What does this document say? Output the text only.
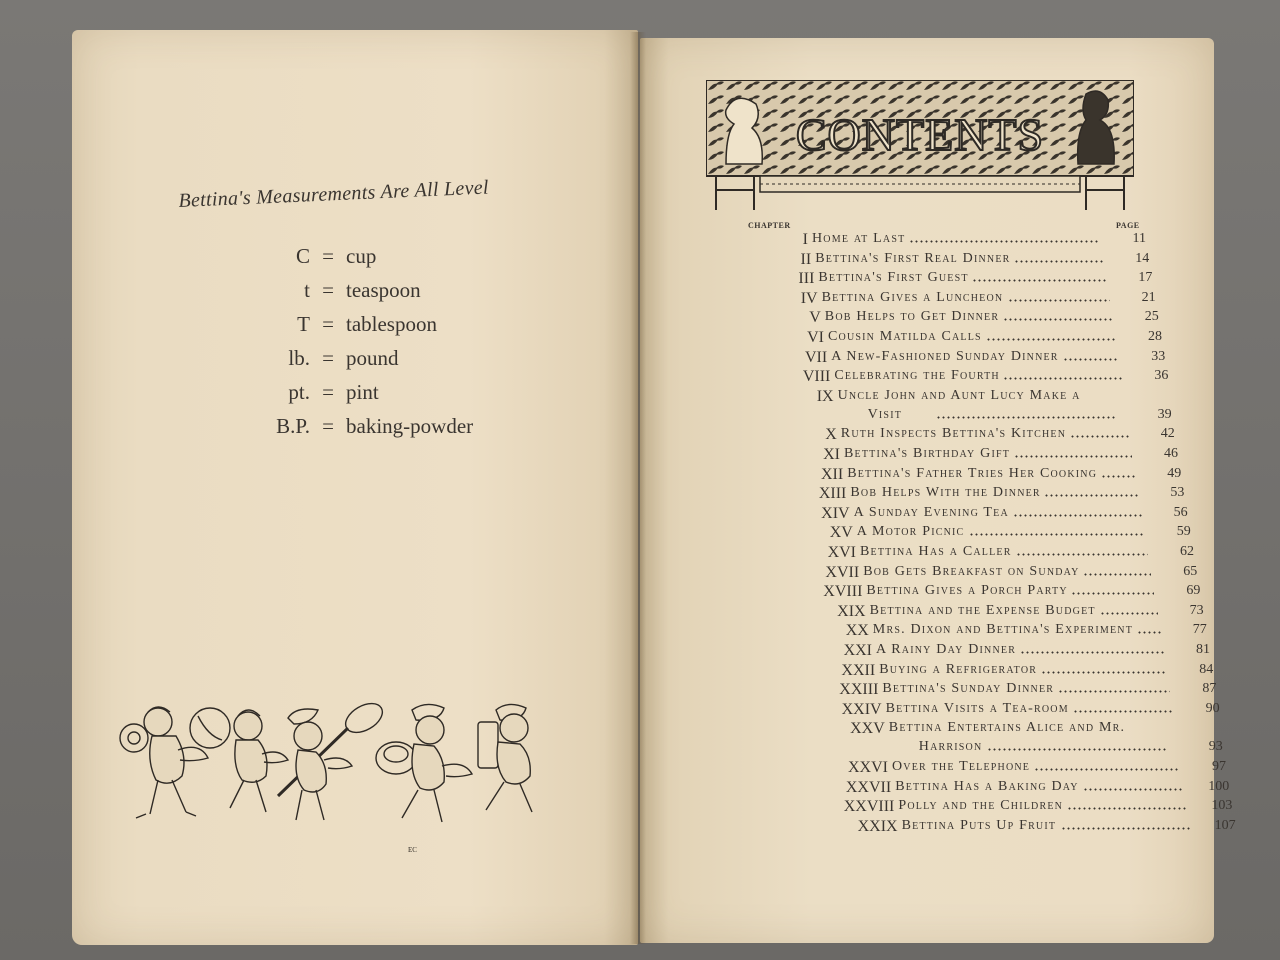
Bettina's Measurements Are All Level
C = cup
t = teaspoon
T = tablespoon
lb. = pound
pt. = pint
B.P. = baking-powder
EC
CONTENTS
CHAPTER	PAGE
I Home at Last	11
II Bettina's First Real Dinner	14
III Bettina's First Guest	17
IV Bettina Gives a Luncheon	21
V Bob Helps to Get Dinner	25
VI Cousin Matilda Calls	28
VII A New-Fashioned Sunday Dinner	33
VIII Celebrating the Fourth	36
IX Uncle John and Aunt Lucy Make a
Visit	39
X Ruth Inspects Bettina's Kitchen	42
XI Bettina's Birthday Gift	46
XII Bettina's Father Tries Her Cooking	49
XIII Bob Helps With the Dinner	53
XIV A Sunday Evening Tea	56
XV A Motor Picnic	59
XVI Bettina Has a Caller	62
XVII Bob Gets Breakfast on Sunday	65
XVIII Bettina Gives a Porch Party	69
XIX Bettina and the Expense Budget	73
XX Mrs. Dixon and Bettina's Experiment	77
XXI A Rainy Day Dinner	81
XXII Buying a Refrigerator	84
XXIII Bettina's Sunday Dinner	87
XXIV Bettina Visits a Tea-room	90
XXV Bettina Entertains Alice and Mr.
Harrison	93
XXVI Over the Telephone	97
XXVII Bettina Has a Baking Day	100
XXVIII Polly and the Children	103
XXIX Bettina Puts Up Fruit	107
